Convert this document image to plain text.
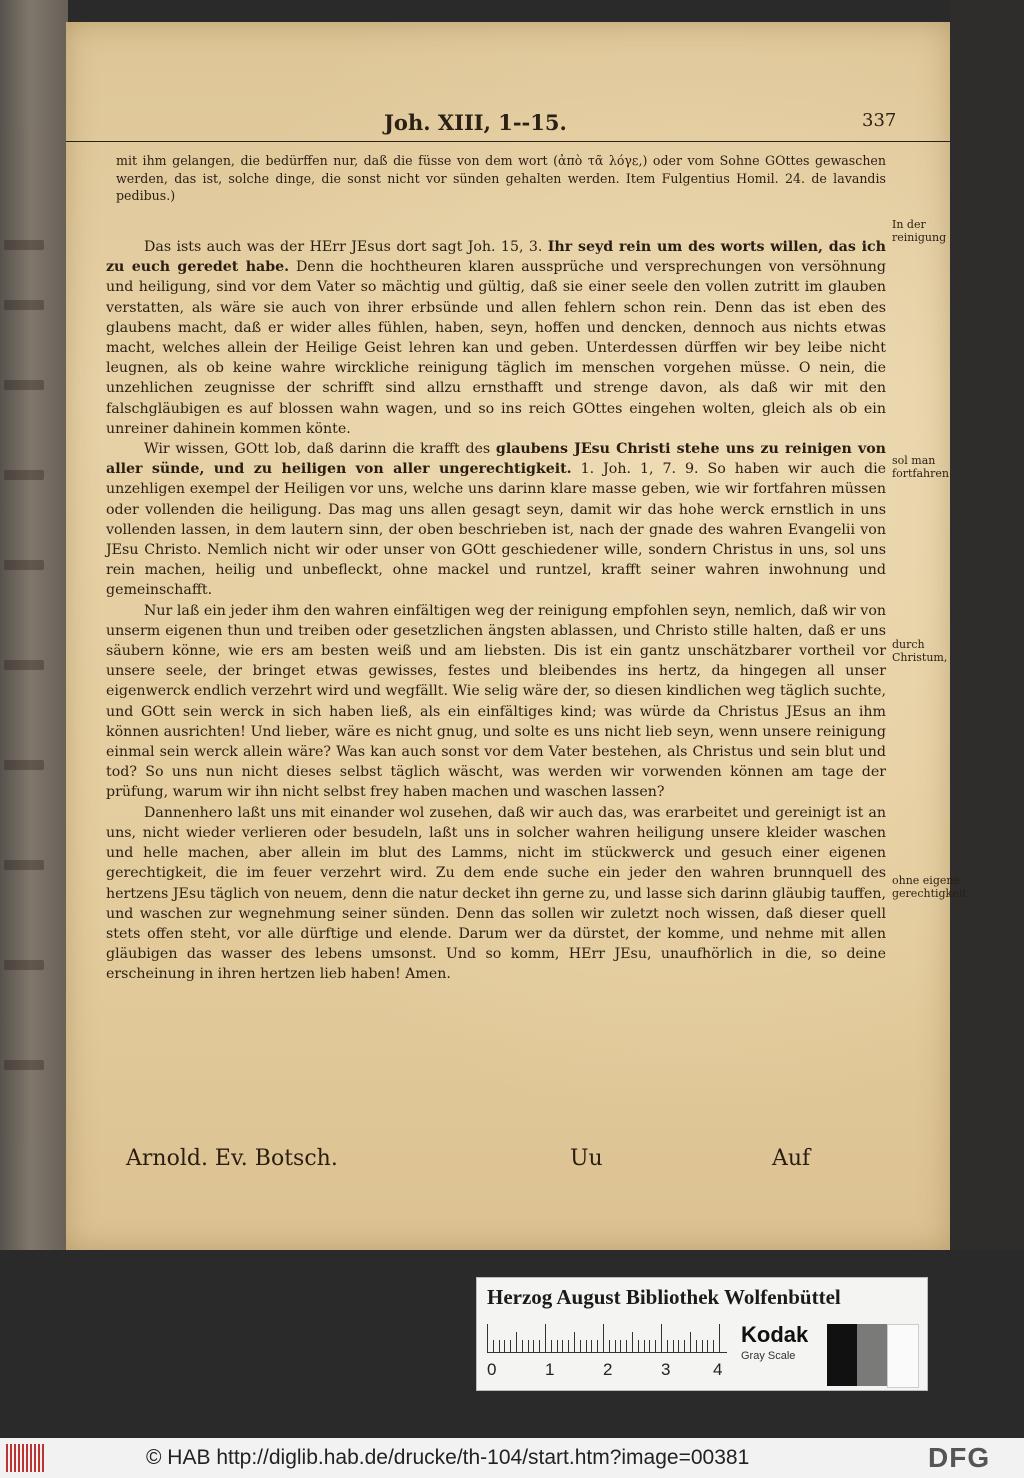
Joh. XIII, 1--15.	337
mit ihm gelangen, die bedürffen nur, daß die füsse von dem wort (ἀπὸ τᾶ λόγε,) oder vom Sohne GOttes gewaschen werden, das ist, solche dinge, die sonst nicht vor sünden gehalten werden. Item Fulgentius Homil. 24. de lavandis pedibus.)

Das ists auch was der HErr JEsus dort sagt Joh. 15, 3. Ihr seyd rein um des worts willen, das ich zu euch geredet habe. Denn die hochtheuren klaren aussprüche und versprechungen von versöhnung und heiligung, sind vor dem Vater so mächtig und gültig, daß sie einer seele den vollen zutritt im glauben verstatten, als wäre sie auch von ihrer erbsünde und allen fehlern schon rein. Denn das ist eben des glaubens macht, daß er wider alles fühlen, haben, seyn, hoffen und dencken, dennoch aus nichts etwas macht, welches allein der Heilige Geist lehren kan und geben. Unterdessen dürffen wir bey leibe nicht leugnen, als ob keine wahre wirckliche reinigung täglich im menschen vorgehen müsse. O nein, die unzehlichen zeugnisse der schrifft sind allzu ernsthafft und strenge davon, als daß wir mit den falschgläubigen es auf blossen wahn wagen, und so ins reich GOttes eingehen wolten, gleich als ob ein unreiner dahinein kommen könte.

Wir wissen, GOtt lob, daß darinn die krafft des glaubens JEsu Christi stehe uns zu reinigen von aller sünde, und zu heiligen von aller ungerechtigkeit. 1. Joh. 1, 7. 9. So haben wir auch die unzehligen exempel der Heiligen vor uns, welche uns darinn klare masse geben, wie wir fortfahren müssen oder vollenden die heiligung. Das mag uns allen gesagt seyn, damit wir das hohe werck ernstlich in uns vollenden lassen, in dem lautern sinn, der oben beschrieben ist, nach der gnade des wahren Evangelii von JEsu Christo. Nemlich nicht wir oder unser von GOtt geschiedener wille, sondern Christus in uns, sol uns rein machen, heilig und unbefleckt, ohne mackel und runtzel, krafft seiner wahren inwohnung und gemeinschafft.

Nur laß ein jeder ihm den wahren einfältigen weg der reinigung empfohlen seyn, nemlich, daß wir von unserm eigenen thun und treiben oder gesetzlichen ängsten ablassen, und Christo stille halten, daß er uns säubern könne, wie ers am besten weiß und am liebsten. Dis ist ein gantz unschätzbarer vortheil vor unsere seele, der bringet etwas gewisses, festes und bleibendes ins hertz, da hingegen all unser eigenwerck endlich verzehrt wird und wegfällt. Wie selig wäre der, so diesen kindlichen weg täglich suchte, und GOtt sein werck in sich haben ließ, als ein einfältiges kind; was würde da Christus JEsus an ihm können ausrichten! Und lieber, wäre es nicht gnug, und solte es uns nicht lieb seyn, wenn unsere reinigung einmal sein werck allein wäre? Was kan auch sonst vor dem Vater bestehen, als Christus und sein blut und tod? So uns nun nicht dieses selbst täglich wäscht, was werden wir vorwenden können am tage der prüfung, warum wir ihn nicht selbst frey haben machen und waschen lassen?

Dannenhero laßt uns mit einander wol zusehen, daß wir auch das, was erarbeitet und gereinigt ist an uns, nicht wieder verlieren oder besudeln, laßt uns in solcher wahren heiligung unsere kleider waschen und helle machen, aber allein im blut des Lamms, nicht im stückwerck und gesuch einer eigenen gerechtigkeit, die im feuer verzehrt wird. Zu dem ende suche ein jeder den wahren brunnquell des hertzens JEsu täglich von neuem, denn die natur decket ihn gerne zu, und lasse sich darinn gläubig tauffen, und waschen zur wegnehmung seiner sünden. Denn das sollen wir zuletzt noch wissen, daß dieser quell stets offen steht, vor alle dürftige und elende. Darum wer da dürstet, der komme, und nehme mit allen gläubigen das wasser des lebens umsonst. Und so komm, HErr JEsu, unaufhörlich in die, so deine erscheinung in ihren hertzen lieb haben! Amen.

In der reinigung
sol man fortfahren
durch Christum,
ohne eigene gerechtigkeit.
Arnold. Ev. Botsch.	Uu	Auf
Herzog August Bibliothek Wolfenbüttel
0	1	2	3	4
Kodak
Gray Scale
© HAB http://diglib.hab.de/drucke/th-104/start.htm?image=00381	DFG
